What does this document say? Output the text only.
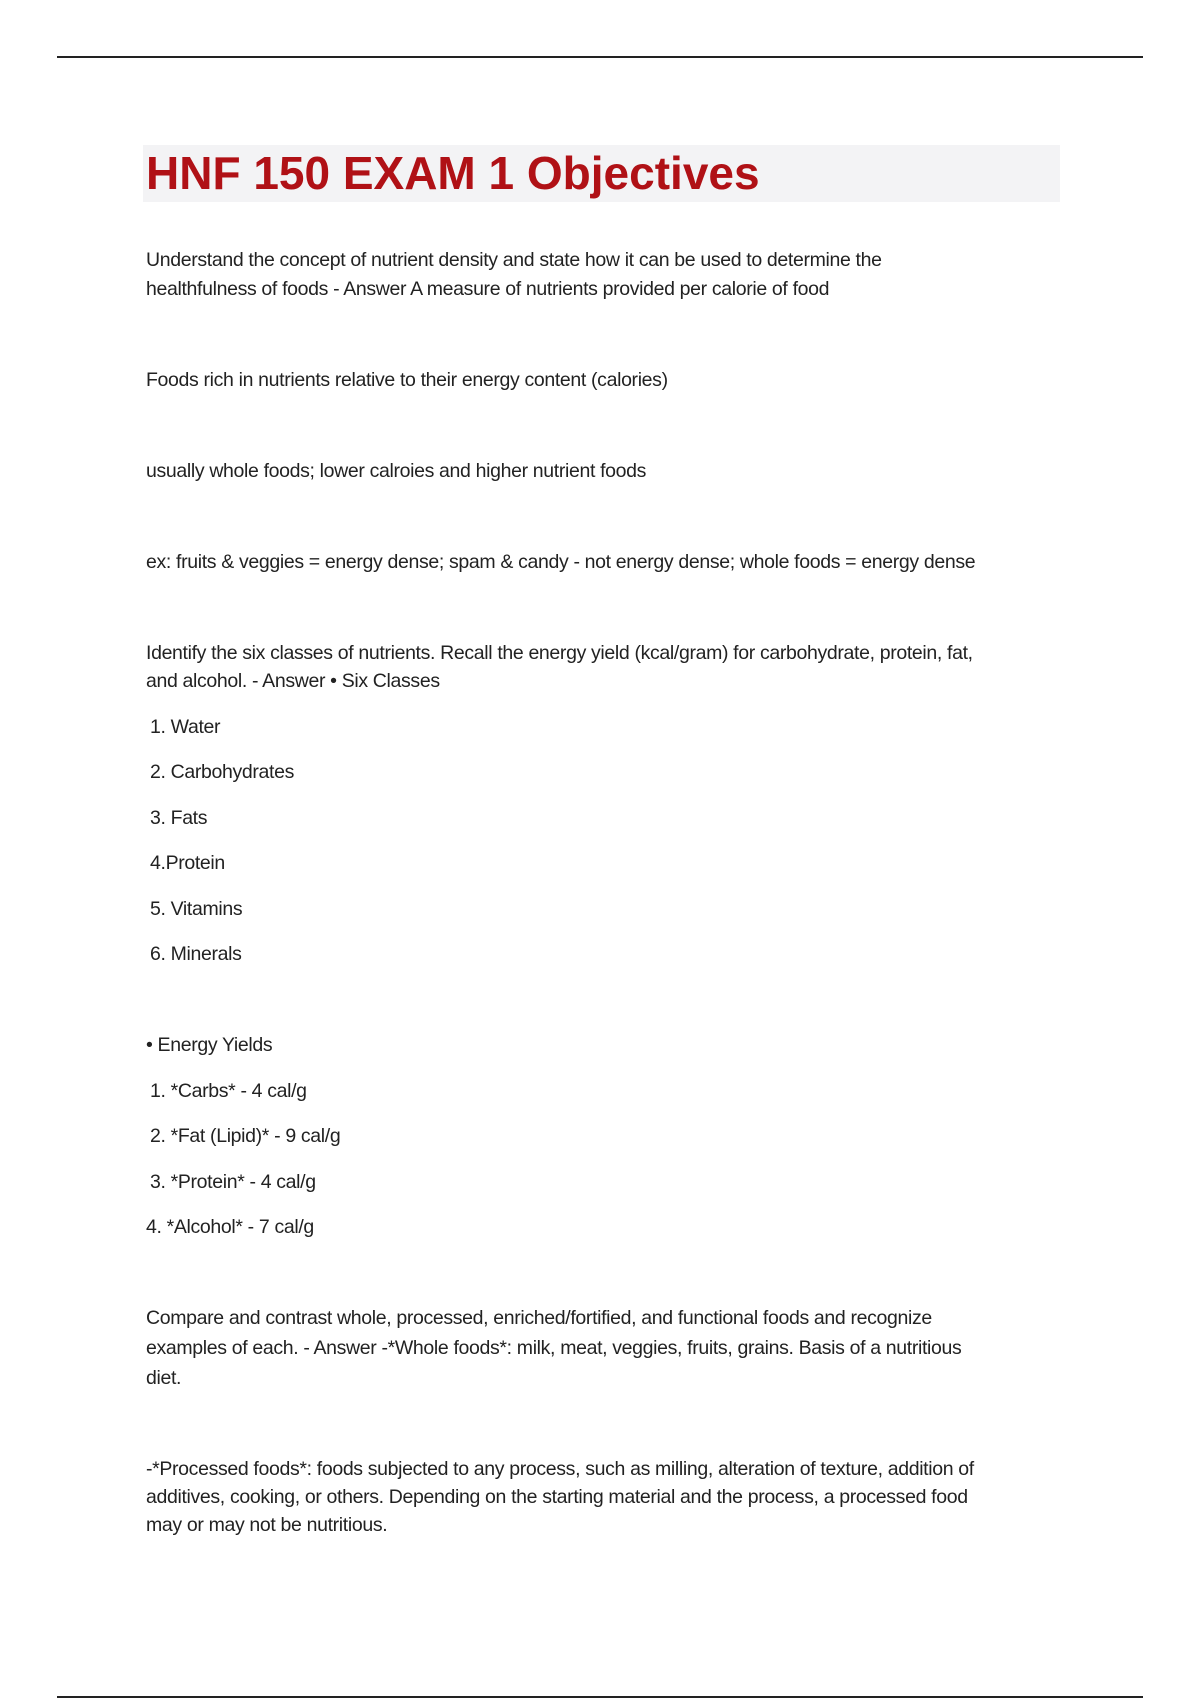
HNF 150 EXAM 1 Objectives

Understand the concept of nutrient density and state how it can be used to determine the

healthfulness of foods - Answer A measure of nutrients provided per calorie of food

Foods rich in nutrients relative to their energy content (calories)

usually whole foods; lower calroies and higher nutrient foods

ex: fruits & veggies = energy dense; spam & candy - not energy dense; whole foods = energy dense

Identify the six classes of nutrients. Recall the energy yield (kcal/gram) for carbohydrate, protein, fat,

and alcohol. - Answer • Six Classes

1. Water

2. Carbohydrates

3. Fats

4.Protein

5. Vitamins

6. Minerals

• Energy Yields

1. *Carbs* - 4 cal/g

2. *Fat (Lipid)* - 9 cal/g

3. *Protein* - 4 cal/g

4. *Alcohol* - 7 cal/g

Compare and contrast whole, processed, enriched/fortified, and functional foods and recognize

examples of each. - Answer -*Whole foods*: milk, meat, veggies, fruits, grains. Basis of a nutritious

diet.

-*Processed foods*: foods subjected to any process, such as milling, alteration of texture, addition of

additives, cooking, or others. Depending on the starting material and the process, a processed food

may or may not be nutritious.
